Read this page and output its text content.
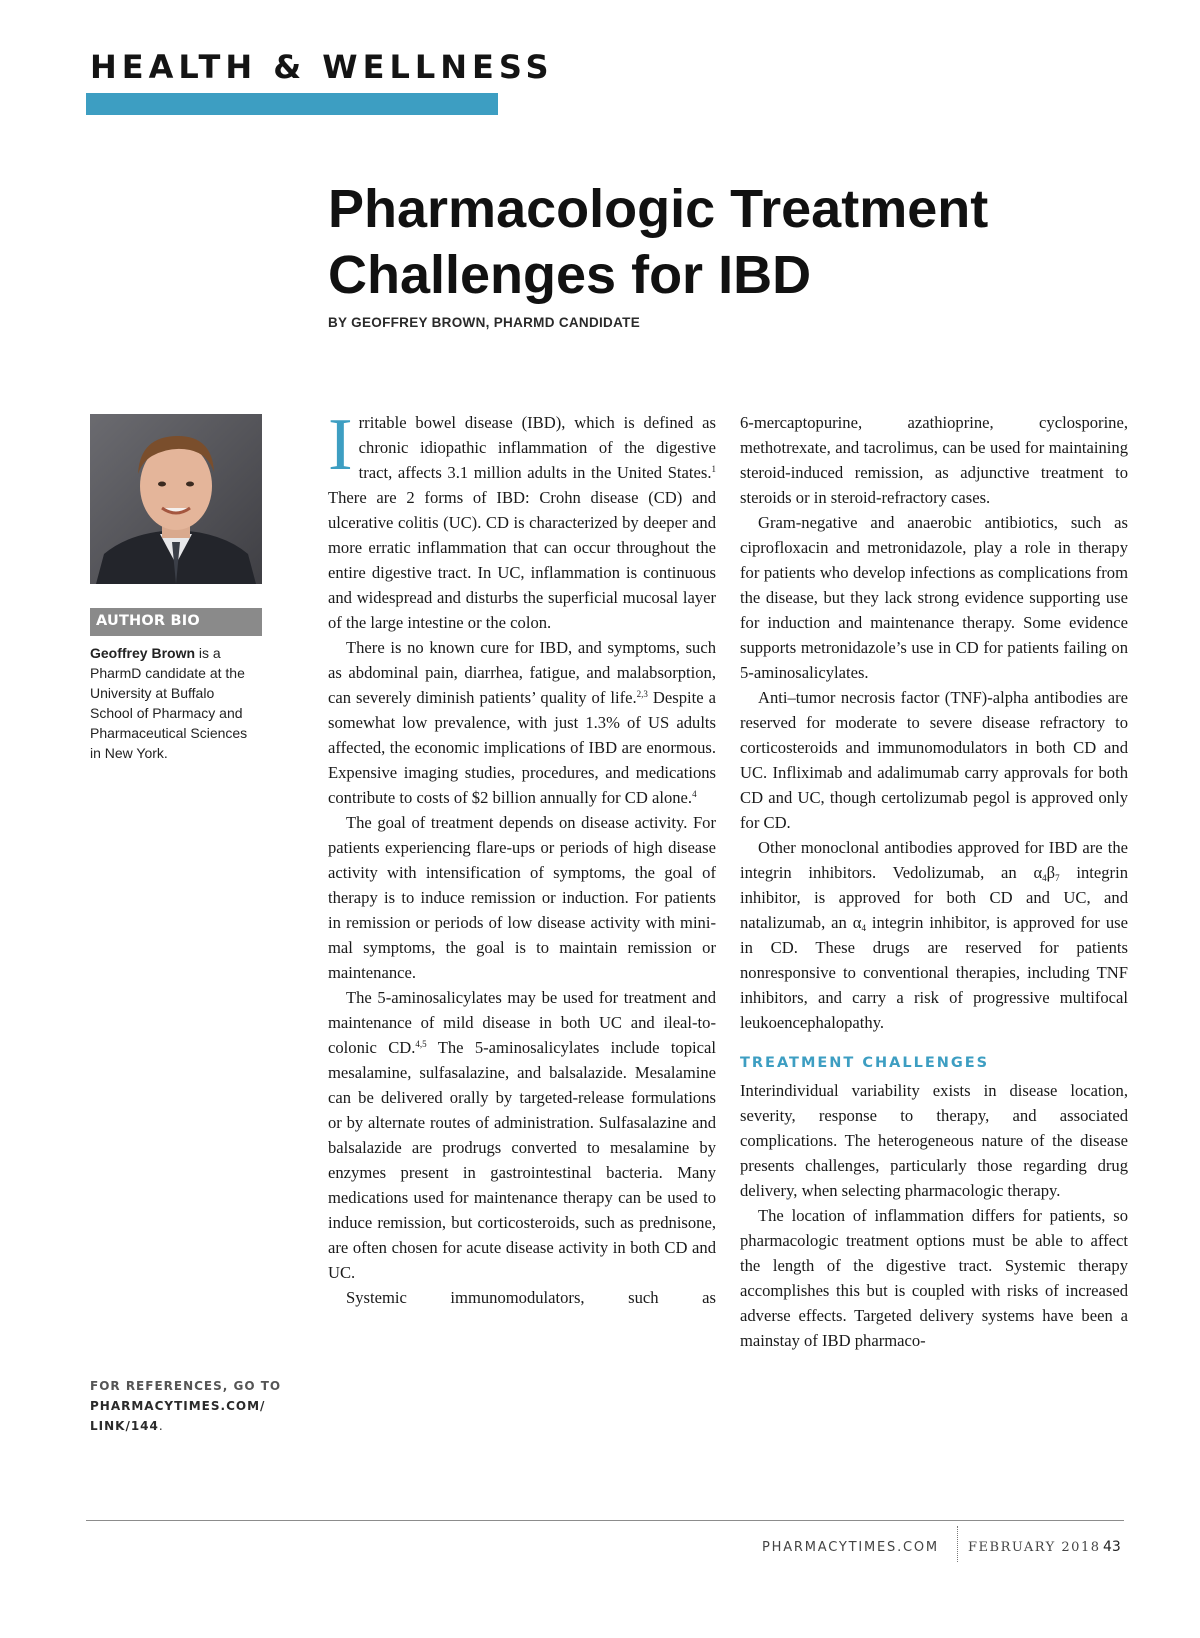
HEALTH & WELLNESS
Pharmacologic Treatment
Challenges for IBD
BY GEOFFREY BROWN, PHARMD CANDIDATE
AUTHOR BIO
Geoffrey Brown is a PharmD candidate at the University at Buffalo School of Pharmacy and Pharmaceutical Sciences in New York.
FOR REFERENCES, GO TO
PHARMACYTIMES.COM/
LINK/144.

Irritable bowel disease (IBD), which is defined as chronic idiopathic inflammation of the digestive tract, affects 3.1 million adults in the United States.$^1$ There are 2 forms of IBD: Crohn disease (CD) and ulcerative colitis (UC). CD is characterized by deeper and more erratic inflammation that can occur throughout the entire digestive tract. In UC, inflammation is continuous and widespread and disturbs the superficial mucosal layer of the large intestine or the colon.

There is no known cure for IBD, and symptoms, such as abdominal pain, diarrhea, fatigue, and malabsorption, can severely diminish patients’ quality of life.$^{2,3}$ Despite a somewhat low prevalence, with just 1.3% of US adults affected, the economic implications of IBD are enormous. Expensive imaging studies, procedures, and medications contribute to costs of $2 billion annually for CD alone.$^4$

The goal of treatment depends on disease activity. For patients experiencing flare-ups or periods of high disease activity with intensification of symptoms, the goal of therapy is to induce remission or induction. For patients in remission or periods of low disease activity with minimal symptoms, the goal is to maintain remission or maintenance.

The 5-aminosalicylates may be used for treatment and maintenance of mild disease in both UC and ileal-to-colonic CD.$^{4,5}$ The 5-aminosalicylates include topical mesalamine, sulfasalazine, and balsalazide. Mesalamine can be delivered orally by targeted-release formulations or by alternate routes of administration. Sulfasalazine and balsalazide are prodrugs converted to mesalamine by enzymes present in gastrointestinal bacteria. Many medications used for maintenance therapy can be used to induce remission, but corticosteroids, such as prednisone, are often chosen for acute disease activity in both CD and UC.

Systemic immunomodulators, such as

6-mercaptopurine, azathioprine, cyclosporine, methotrexate, and tacrolimus, can be used for maintaining steroid-induced remission, as adjunctive treatment to steroids or in steroid-refractory cases.

Gram-negative and anaerobic antibiotics, such as ciprofloxacin and metronidazole, play a role in therapy for patients who develop infections as complications from the disease, but they lack strong evidence supporting use for induction and maintenance therapy. Some evidence supports metronidazole’s use in CD for patients failing on 5-aminosalicylates.

Anti–tumor necrosis factor (TNF)-alpha antibodies are reserved for moderate to severe disease refractory to corticosteroids and immunomodulators in both CD and UC. Infliximab and adalimumab carry approvals for both CD and UC, though certolizumab pegol is approved only for CD.

Other monoclonal antibodies approved for IBD are the integrin inhibitors. Vedolizumab, an $\alpha_4\beta_7$ integrin inhibitor, is approved for both CD and UC, and natalizumab, an $\alpha_4$ integrin inhibitor, is approved for use in CD. These drugs are reserved for patients nonresponsive to conventional therapies, including TNF inhibitors, and carry a risk of progressive multifocal leukoencephalopathy.

TREATMENT CHALLENGES

Interindividual variability exists in disease location, severity, response to therapy, and associated complications. The heterogeneous nature of the disease presents challenges, particularly those regarding drug delivery, when selecting pharmacologic therapy.

The location of inflammation differs for patients, so pharmacologic treatment options must be able to affect the length of the digestive tract. Systemic therapy accomplishes this but is coupled with risks of increased adverse effects. Targeted delivery systems have been a mainstay of IBD pharmaco-

PHARMACYTIMES.COM FEBRUARY 2018 43
